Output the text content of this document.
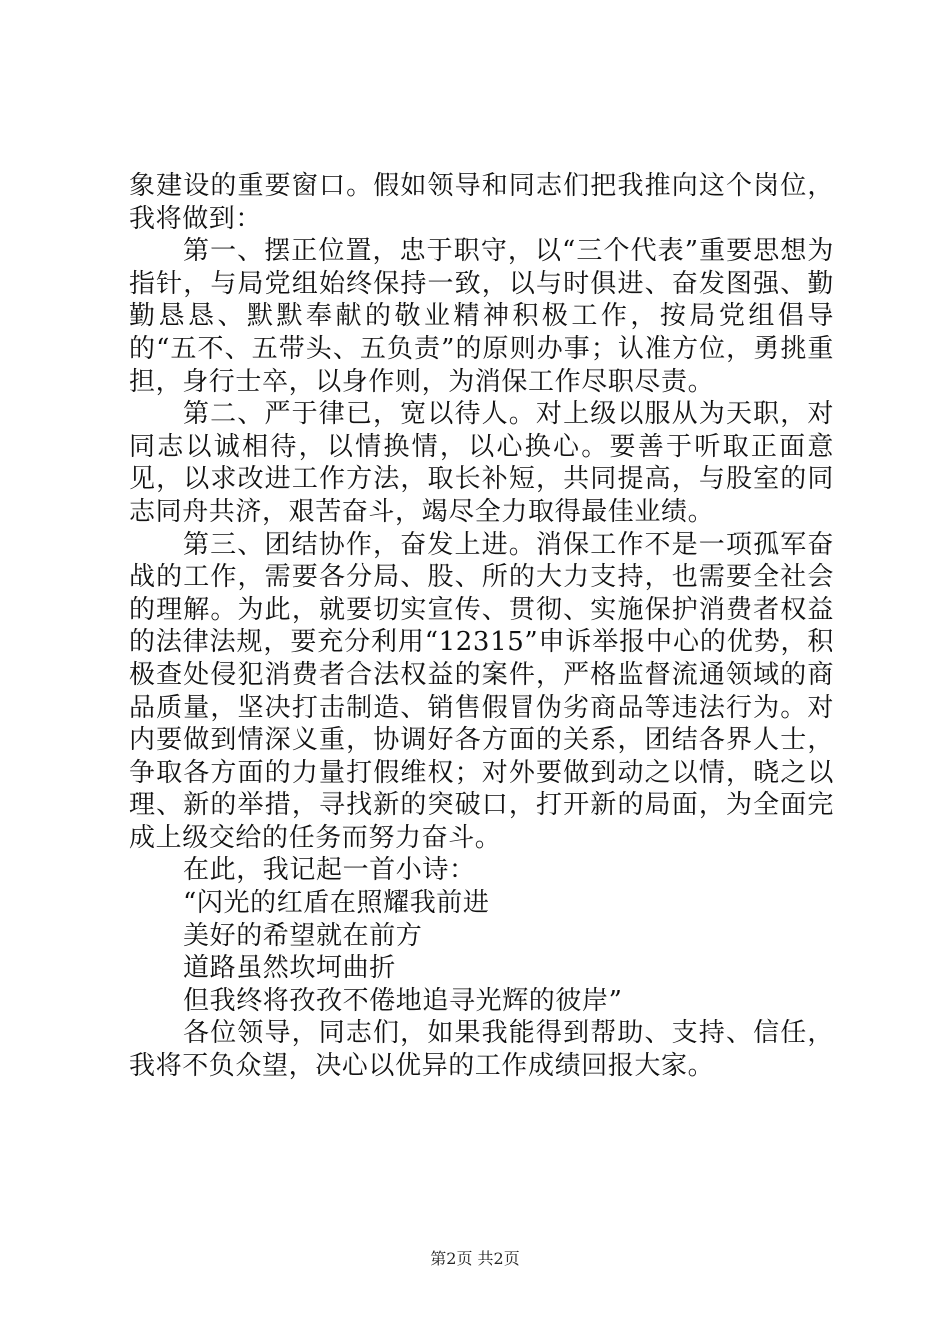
象建设的重要窗口。假如领导和同志们把我推向这个岗位，我将做到：

第一、摆正位置，忠于职守，以“三个代表”重要思想为指针，与局党组始终保持一致，以与时俱进、奋发图强、勤勤恳恳、默默奉献的敬业精神积极工作，按局党组倡导的“五不、五带头、五负责”的原则办事；认准方位，勇挑重担，身行士卒，以身作则，为消保工作尽职尽责。

第二、严于律已，宽以待人。对上级以服从为天职，对同志以诚相待，以情换情，以心换心。要善于听取正面意见，以求改进工作方法，取长补短，共同提高，与股室的同志同舟共济，艰苦奋斗，竭尽全力取得最佳业绩。

第三、团结协作，奋发上进。消保工作不是一项孤军奋战的工作，需要各分局、股、所的大力支持，也需要全社会的理解。为此，就要切实宣传、贯彻、实施保护消费者权益的法律法规，要充分利用“12315”申诉举报中心的优势，积极查处侵犯消费者合法权益的案件，严格监督流通领域的商品质量，坚决打击制造、销售假冒伪劣商品等违法行为。对内要做到情深义重，协调好各方面的关系，团结各界人士，争取各方面的力量打假维权；对外要做到动之以情，晓之以理、新的举措，寻找新的突破口，打开新的局面，为全面完成上级交给的任务而努力奋斗。

在此，我记起一首小诗：

“闪光的红盾在照耀我前进

美好的希望就在前方

道路虽然坎坷曲折

但我终将孜孜不倦地追寻光辉的彼岸”

各位领导，同志们，如果我能得到帮助、支持、信任，我将不负众望，决心以优异的工作成绩回报大家。

第2页 共2页
